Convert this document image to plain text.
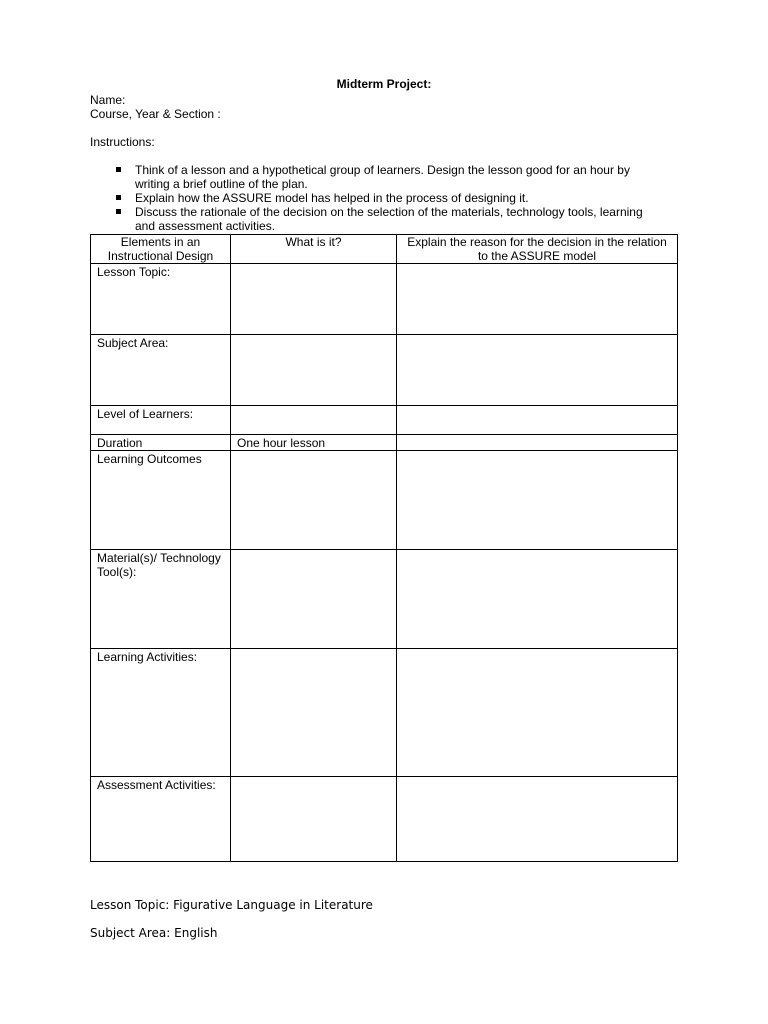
Midterm Project:
Name:
Course, Year & Section :
Instructions:
Think of a lesson and a hypothetical group of learners. Design the lesson good for an hour by writing a brief outline of the plan.
Explain how the ASSURE model has helped in the process of designing it.
Discuss the rationale of the decision on the selection of the materials, technology tools, learning and assessment activities.
Elements in an Instructional Design	What is it?	Explain the reason for the decision in the relation to the ASSURE model
Lesson Topic:		
Subject Area:		
Level of Learners:		
Duration	One hour lesson	
Learning Outcomes		
Material(s)/ Technology Tool(s):		
Learning Activities:		
Assessment Activities:		
Lesson Topic: Figurative Language in Literature
Subject Area: English
